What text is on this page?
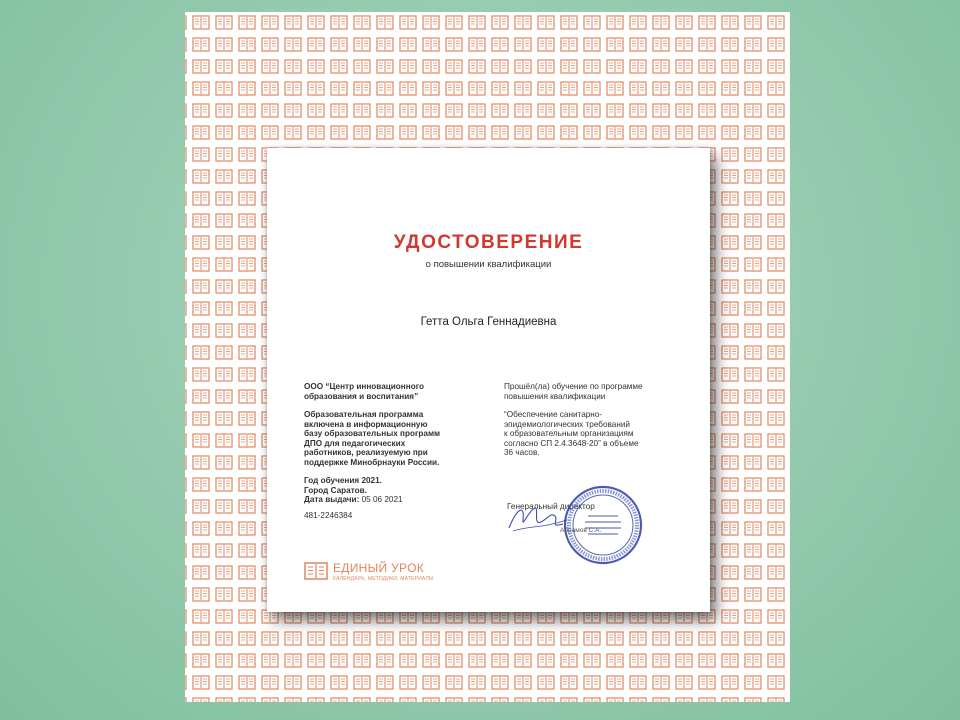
УДОСТОВЕРЕНИЕ
о повышении квалификации
Гетта Ольга Геннадиевна
ООО “Центр инновационного
образования и воспитания”
Образовательная программа
включена в информационную
базу образовательных программ
ДПО для педагогических
работников, реализуемую при
поддержке Минобрнауки России.
Год обучения 2021.
Город Саратов.
Дата выдачи: 05 06 2021
481-2246384
Прошёл(ла) обучение по программе
повышения квалификации
“Обеспечение санитарно-
эпидемиологических требований
к образовательным организациям
согласно СП 2.4.3648-20” в объеме
36 часов.
Генеральный директор
Абрамов С.А.
ЕДИНЫЙ УРОК
КАЛЕНДАРЬ, МЕТОДИКИ, МАТЕРИАЛЫ
